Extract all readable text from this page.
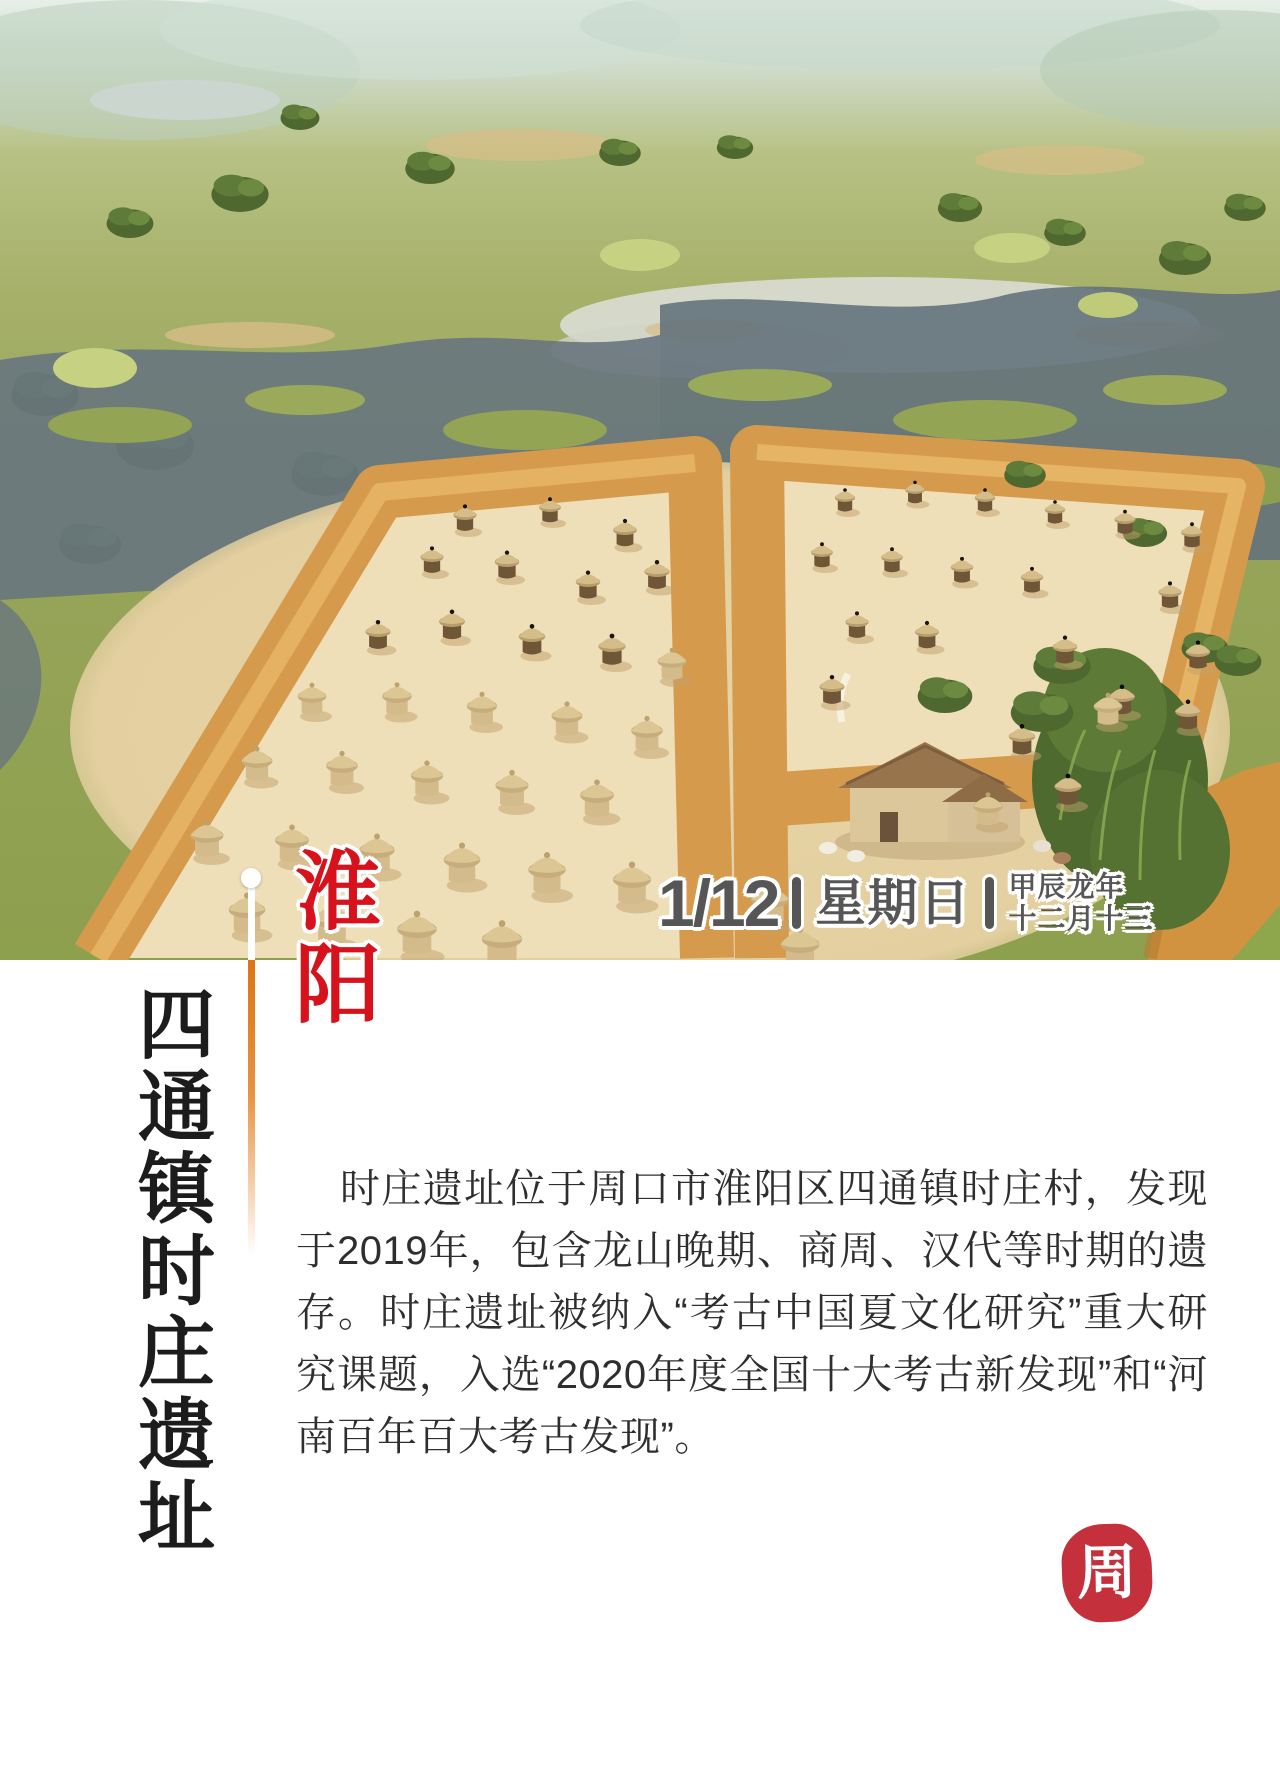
1/12 星期日 甲辰龙年
十二月十三
淮阳
四通镇时庄遗址	时庄遗址位于周口市淮阳区四通镇时庄村，发现于2019年，包含龙山晚期、商周、汉代等时期的遗存。时庄遗址被纳入“考古中国夏文化研究”重大研究课题，入选“2020年度全国十大考古新发现”和“河南百年百大考古发现”。

周
